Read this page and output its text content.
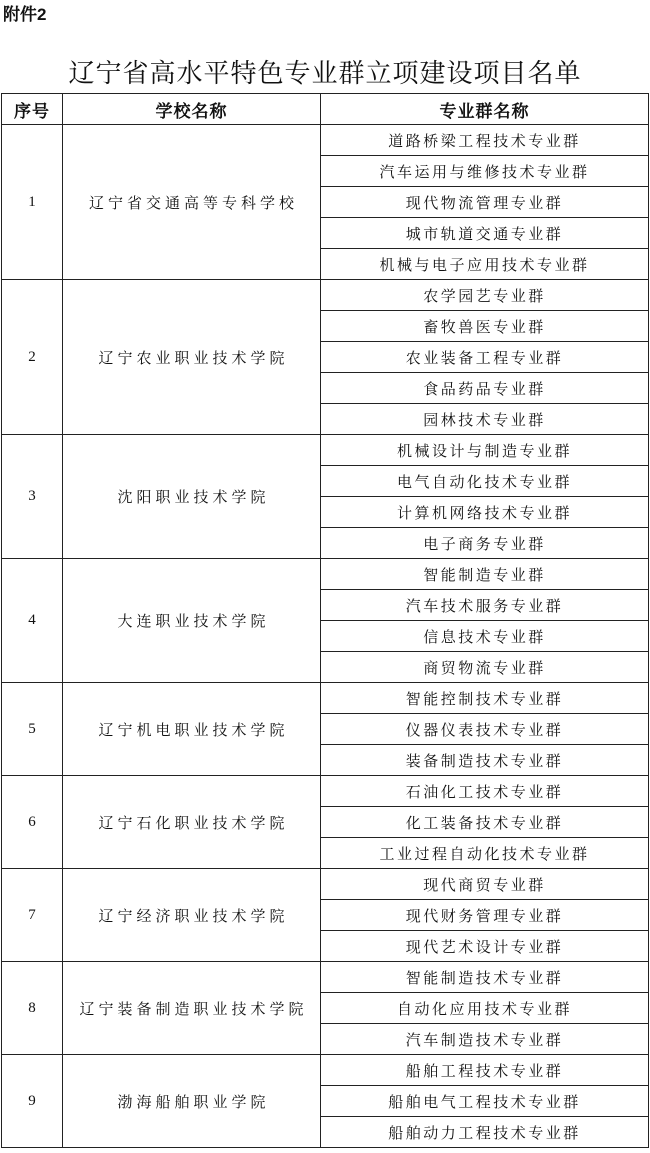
附件2
辽宁省高水平特色专业群立项建设项目名单
序号	学校名称	专业群名称
1	辽宁省交通高等专科学校	道路桥梁工程技术专业群
		汽车运用与维修技术专业群
		现代物流管理专业群
		城市轨道交通专业群
		机械与电子应用技术专业群
2	辽宁农业职业技术学院	农学园艺专业群
		畜牧兽医专业群
		农业装备工程专业群
		食品药品专业群
		园林技术专业群
3	沈阳职业技术学院	机械设计与制造专业群
		电气自动化技术专业群
		计算机网络技术专业群
		电子商务专业群
4	大连职业技术学院	智能制造专业群
		汽车技术服务专业群
		信息技术专业群
		商贸物流专业群
5	辽宁机电职业技术学院	智能控制技术专业群
		仪器仪表技术专业群
		装备制造技术专业群
6	辽宁石化职业技术学院	石油化工技术专业群
		化工装备技术专业群
		工业过程自动化技术专业群
7	辽宁经济职业技术学院	现代商贸专业群
		现代财务管理专业群
		现代艺术设计专业群
8	辽宁装备制造职业技术学院	智能制造技术专业群
		自动化应用技术专业群
		汽车制造技术专业群
9	渤海船舶职业学院	船舶工程技术专业群
		船舶电气工程技术专业群
		船舶动力工程技术专业群
